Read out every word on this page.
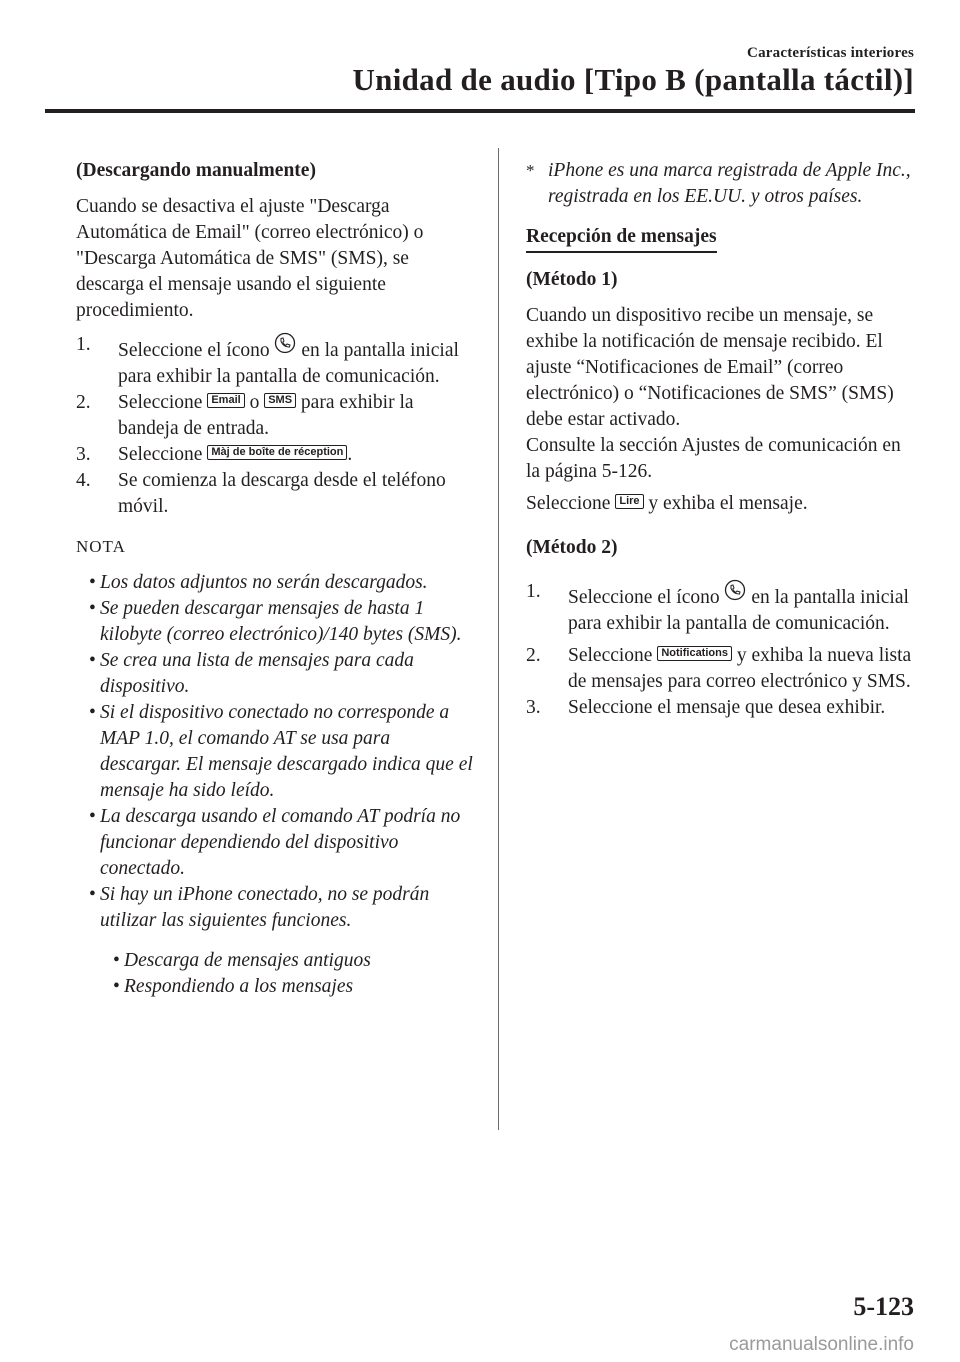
Características interiores
Unidad de audio [Tipo B (pantalla táctil)]

(Descargando manualmente)

Cuando se desactiva el ajuste "Descarga Automática de Email" (correo electrónico) o "Descarga Automática de SMS" (SMS), se descarga el mensaje usando el siguiente procedimiento.

1. Seleccione el ícono en la pantalla inicial para exhibir la pantalla de comunicación.
2. Seleccione Email o SMS para exhibir la bandeja de entrada.
3. Seleccione Màj de boîte de réception .
4. Se comienza la descarga desde el teléfono móvil.

NOTA

• Los datos adjuntos no serán descargados.
• Se pueden descargar mensajes de hasta 1 kilobyte (correo electrónico)/140 bytes (SMS).
• Se crea una lista de mensajes para cada dispositivo.
• Si el dispositivo conectado no corresponde a MAP 1.0, el comando AT se usa para descargar. El mensaje descargado indica que el mensaje ha sido leído.
• La descarga usando el comando AT podría no funcionar dependiendo del dispositivo conectado.
• Si hay un iPhone conectado, no se podrán utilizar las siguientes funciones.
• Descarga de mensajes antiguos
• Respondiendo a los mensajes
* iPhone es una marca registrada de Apple Inc., registrada en los EE.UU. y otros países.

Recepción de mensajes

(Método 1)

Cuando un dispositivo recibe un mensaje, se exhibe la notificación de mensaje recibido. El ajuste “Notificaciones de Email” (correo electrónico) o “Notificaciones de SMS” (SMS) debe estar activado.

Consulte la sección Ajustes de comunicación en la página 5-126.

Seleccione Lire y exhiba el mensaje.

(Método 2)

1. Seleccione el ícono en la pantalla inicial para exhibir la pantalla de comunicación.
2. Seleccione Notifications y exhiba la nueva lista de mensajes para correo electrónico y SMS.
3. Seleccione el mensaje que desea exhibir.
5-123
carmanualsonline.info
